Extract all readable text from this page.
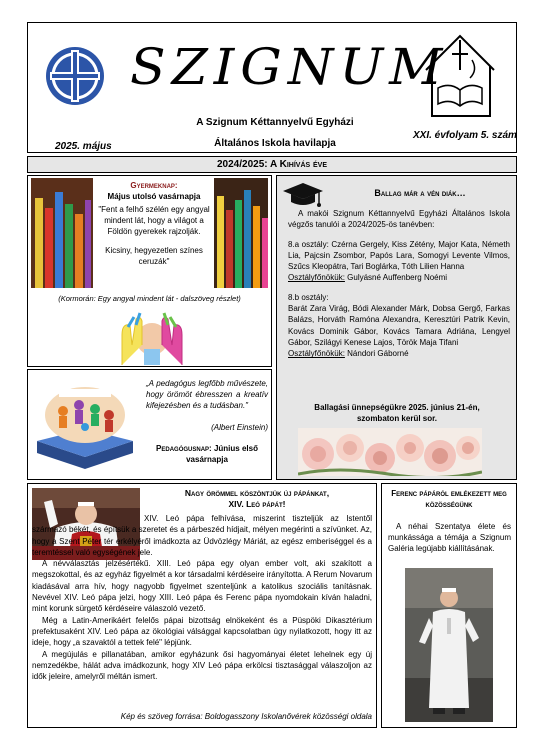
SZIGNUM
A Szignum Kéttannyelvű Egyházi
Általános Iskola havilapja
2025. május
XXI. évfolyam 5. szám
2024/2025: A Kihívás éve
Gyermeknap:
Május utolsó vasárnapja
"Fent a felhő szélén egy angyal mindent lát, hogy a világot a Földön gyerekek rajzolják.
Kicsiny, hegyezetlen színes ceruzák"
(Kormorán: Egy angyal mindent lát - dalszöveg részlet)
„A pedagógus legfőbb művészete, hogy örömöt ébresszen a kreatív kifejezésben és a tudásban."
(Albert Einstein)
Pedagógusnap: Június első vasárnapja
Ballag már a vén diák…

A makói Szignum Kéttannyelvű Egyházi Általános Iskola végzős tanulói a 2024/2025-ös tanévben:

8.a osztály: Czérna Gergely, Kiss Zétény, Major Kata, Németh Lia, Pajcsin Zsombor, Papós Lara, Somogyi Levente Vilmos, Szűcs Kleopátra, Tari Boglárka, Tóth Lilien Hanna

Osztályfőnökük: Gulyásné Auffenberg Noémi

8.b osztály:

Barát Zara Virág, Bódi Alexander Márk, Dobsa Gergő, Farkas Balázs, Horváth Ramóna Alexandra, Keresztúri Patrik Kevin, Kovács Dominik Gábor, Kovács Tamara Adriána, Lengyel Gábor, Szilágyi Kenese Lajos, Török Maja Tifani

Osztályfőnökük: Nándori Gáborné

Ballagási ünnepségükre 2025. június 21-én,
szombaton kerül sor.
Nagy örömmel köszöntjük új pápánkat,
XIV. Leó pápát!

XIV. Leó pápa felhívása, miszerint tiszteljük az Istentől származó békét, és építsük a szeretet és a párbeszéd hídjait, mélyen megérinti a szívünket. Az, hogy a Szent Péter tér erkélyéről imádkozta az Üdvözlégy Máriát, az egész emberiséggel és a teremtéssel való egységének jele.

A névválasztás jelzésértékű. XIII. Leó pápa egy olyan ember volt, aki szakított a megszokottal, és az egyház figyelmét a kor társadalmi kérdéseire irányította. A Rerum Novarum kiadásával arra hív, hogy nagyobb figyelmet szenteljünk a katolikus szociális tanításnak. Nevével XIV. Leó pápa jelzi, hogy XIII. Leó pápa és Ferenc pápa nyomdokain kíván haladni, mint korunk sürgető kérdéseire válaszoló vezető.

Még a Latin-Amerikáért felelős pápai bizottság elnökeként és a Püspöki Dikasztérium prefektusaként XIV. Leó pápa az ökológiai válsággal kapcsolatban úgy nyilatkozott, hogy itt az ideje, hogy „a szavaktól a tettek felé" lépjünk.

A megújulás e pillanatában, amikor egyházunk ősi hagyományai életet lehelnek egy új nemzedékbe, hálát adva imádkozunk, hogy XIV Leó pápa erkölcsi tisztasággal válaszoljon az idők jeleire, amelyről méltán ismert.

Kép és szöveg forrása: Boldogasszony Iskolanővérek közösségi oldala
Ferenc pápáról emlékezett meg közösségünk
A néhai Szentatya élete és munkássága a témája a Szignum Galéria legújabb kiállításának.
